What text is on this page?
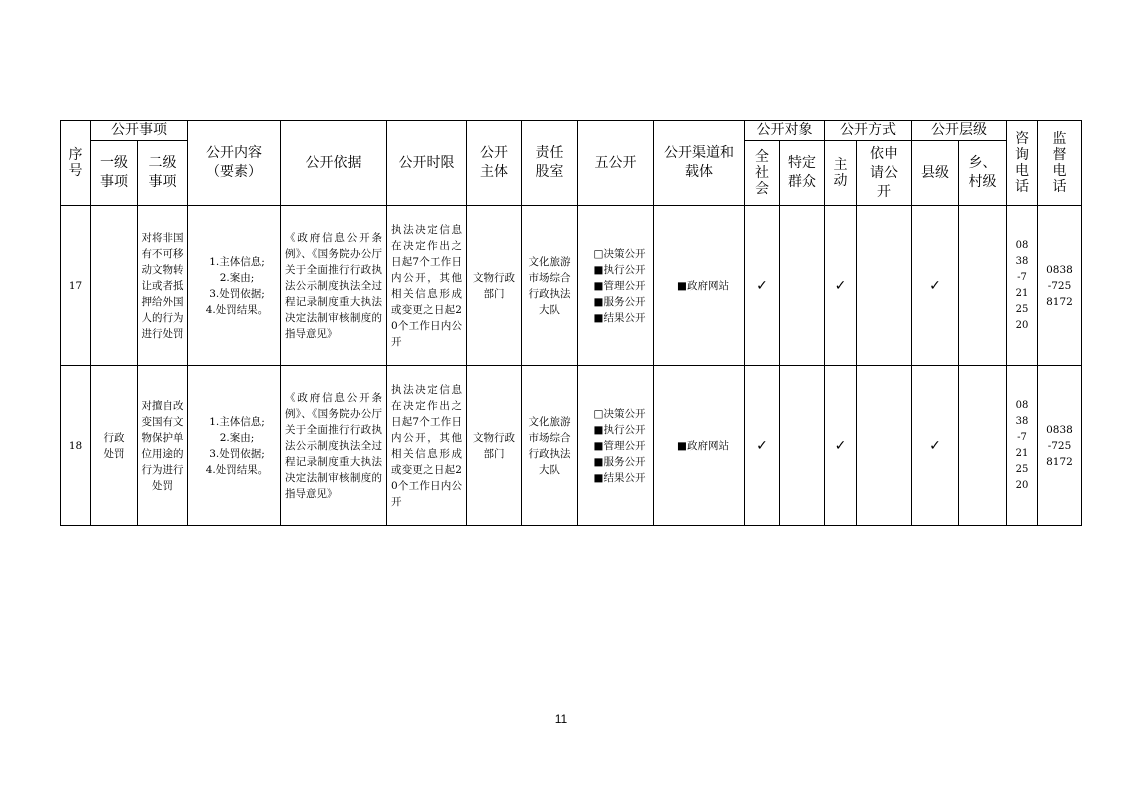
序号	公开事项		公开内容（要素）	公开依据	公开时限	公开主体	责任股室	五公开	公开渠道和载体	公开对象		公开方式		公开层级		咨询电话	监督电话

	一级事项	二级事项								全社会	特定群众	主动	依申请公开	县级	乡、村级		

17		对将非国有不可移动文物转让或者抵押给外国人的行为进行处罚	1.主体信息;
2.案由;
3.处罚依据;
4.处罚结果。	《政府信息公开条例》、《国务院办公厅关于全面推行行政执法公示制度执法全过程记录制度重大执法决定法制审核制度的指导意见》	执法决定信息在决定作出之日起7个工作日内公开，其他相关信息形成或变更之日起20个工作日内公开	文物行政部门	文化旅游市场综合行政执法大队	□决策公开
■执行公开
■管理公开
■服务公开
■结果公开	■政府网站	✓		✓		✓		0838-7212520	0838
-725
8172

18	行政处罚	对擅自改变国有文物保护单位用途的行为进行处罚	1.主体信息;
2.案由;
3.处罚依据;
4.处罚结果。	《政府信息公开条例》、《国务院办公厅关于全面推行行政执法公示制度执法全过程记录制度重大执法决定法制审核制度的指导意见》	执法决定信息在决定作出之日起7个工作日内公开，其他相关信息形成或变更之日起20个工作日内公开	文物行政部门	文化旅游市场综合行政执法大队	□决策公开
■执行公开
■管理公开
■服务公开
■结果公开	■政府网站	✓		✓		✓		0838-7212520	0838
-725
8172
11
